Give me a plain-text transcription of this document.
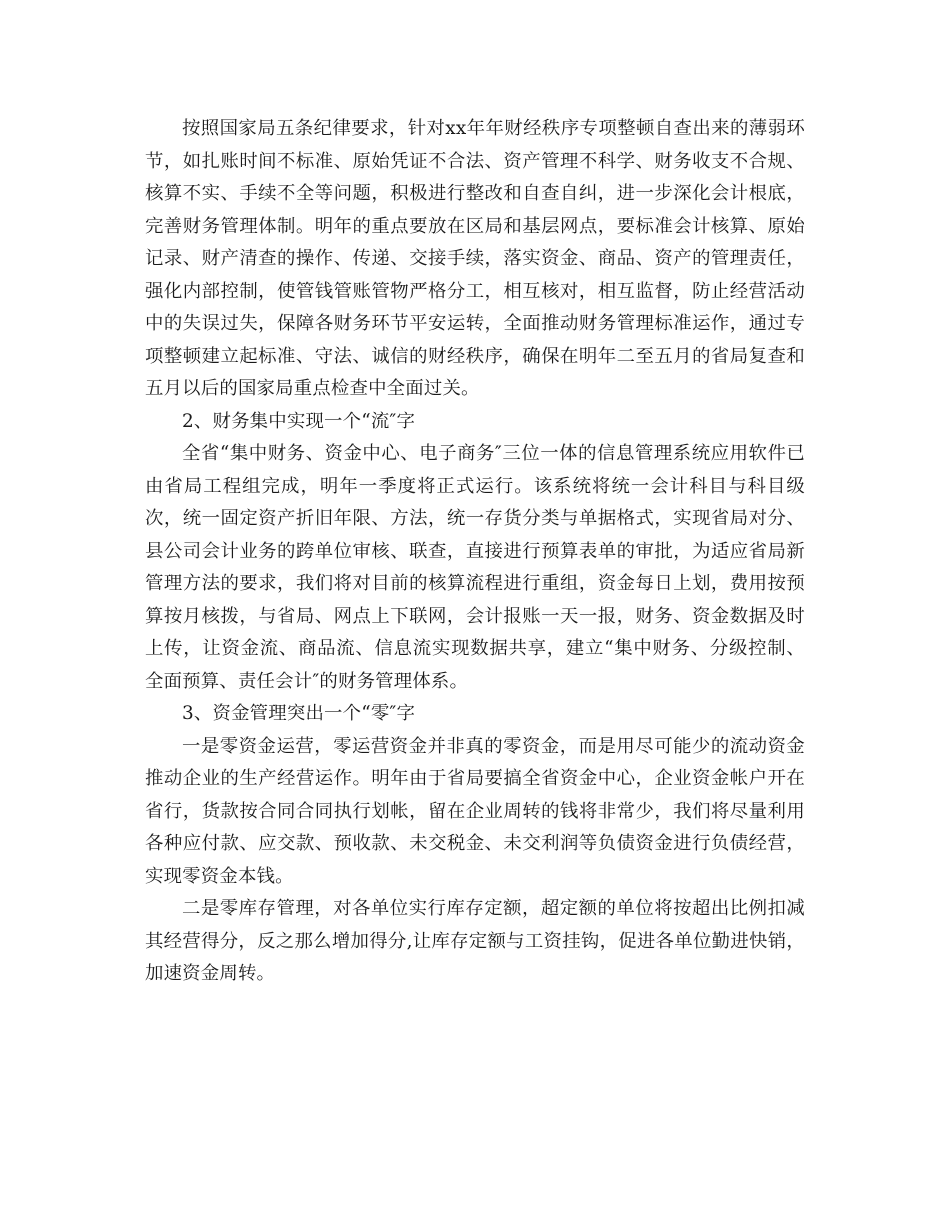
按照国家局五条纪律要求，针对xx年年财经秩序专项整顿自查出来的薄弱环节，如扎账时间不标准、原始凭证不合法、资产管理不科学、财务收支不合规、核算不实、手续不全等问题，积极进行整改和自查自纠，进一步深化会计根底，完善财务管理体制。明年的重点要放在区局和基层网点，要标准会计核算、原始记录、财产清查的操作、传递、交接手续，落实资金、商品、资产的管理责任，强化内部控制，使管钱管账管物严格分工，相互核对，相互监督，防止经营活动中的失误过失，保障各财务环节平安运转，全面推动财务管理标准运作，通过专项整顿建立起标准、守法、诚信的财经秩序，确保在明年二至五月的省局复查和五月以后的国家局重点检查中全面过关。

2、财务集中实现一个“流″字

全省“集中财务、资金中心、电子商务″三位一体的信息管理系统应用软件已由省局工程组完成，明年一季度将正式运行。该系统将统一会计科目与科目级次，统一固定资产折旧年限、方法，统一存货分类与单据格式，实现省局对分、县公司会计业务的跨单位审核、联查，直接进行预算表单的审批，为适应省局新管理方法的要求，我们将对目前的核算流程进行重组，资金每日上划，费用按预算按月核拨，与省局、网点上下联网，会计报账一天一报，财务、资金数据及时上传，让资金流、商品流、信息流实现数据共享，建立“集中财务、分级控制、全面预算、责任会计″的财务管理体系。

3、资金管理突出一个“零″字

一是零资金运营，零运营资金并非真的零资金，而是用尽可能少的流动资金推动企业的生产经营运作。明年由于省局要搞全省资金中心，企业资金帐户开在省行，货款按合同合同执行划帐，留在企业周转的钱将非常少，我们将尽量利用各种应付款、应交款、预收款、未交税金、未交利润等负债资金进行负债经营，实现零资金本钱。

二是零库存管理，对各单位实行库存定额，超定额的单位将按超出比例扣减其经营得分，反之那么增加得分,让库存定额与工资挂钩，促进各单位勤进快销，加速资金周转。
